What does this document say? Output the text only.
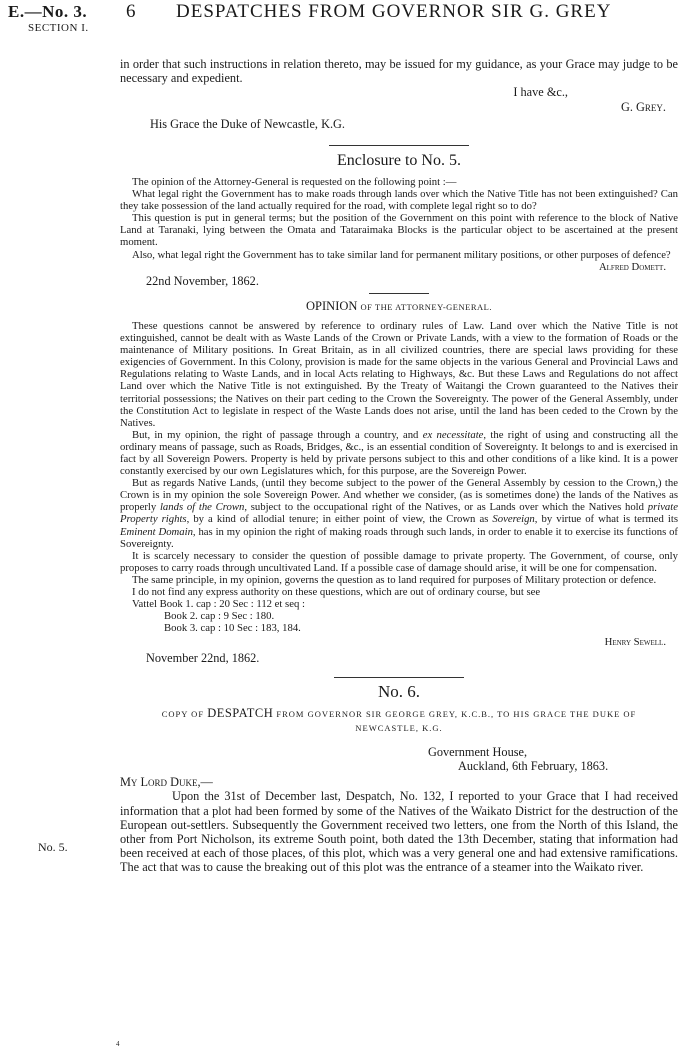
E.—No. 3.
SECTION I.
6 DESPATCHES FROM GOVERNOR SIR G. GREY
No. 5.

in order that such instructions in relation thereto, may be issued for my guidance, as your Grace may judge to be necessary and expedient.

I have &c.,

G. Grey.

His Grace the Duke of Newcastle, K.G.

Enclosure to No. 5.

The opinion of the Attorney-General is requested on the following point :—

What legal right the Government has to make roads through lands over which the Native Title has not been extinguished? Can they take possession of the land actually required for the road, with complete legal right so to do?

This question is put in general terms; but the position of the Government on this point with reference to the block of Native Land at Taranaki, lying between the Omata and Tataraimaka Blocks is the particular object to be ascertained at the present moment.

Also, what legal right the Government has to take similar land for permanent military positions, or other purposes of defence?

Alfred Domett.

22nd November, 1862.

OPINION OF THE ATTORNEY-GENERAL.

These questions cannot be answered by reference to ordinary rules of Law. Land over which the Native Title is not extinguished, cannot be dealt with as Waste Lands of the Crown or Private Lands, with a view to the formation of Roads or the maintenance of Military positions. In Great Britain, as in all civilized countries, there are special laws providing for these exigencies of Government. In this Colony, provision is made for the same objects in the various General and Provincial Laws and Regulations relating to Waste Lands, and in local Acts relating to Highways, &c. But these Laws and Regulations do not affect Land over which the Native Title is not extinguished. By the Treaty of Waitangi the Crown guaranteed to the Natives their territorial possessions; the Natives on their part ceding to the Crown the Sovereignty. The power of the General Assembly, under the Constitution Act to legislate in respect of the Waste Lands does not arise, until the land has been ceded to the Crown by the Natives.

But, in my opinion, the right of passage through a country, and ex necessitate, the right of using and constructing all the ordinary means of passage, such as Roads, Bridges, &c., is an essential condition of Sovereignty. It belongs to and is exercised in fact by all Sovereign Powers. Property is held by private persons subject to this and other conditions of a like kind. It is a power constantly exercised by our own Legislatures which, for this purpose, are the Sovereign Power.

But as regards Native Lands, (until they become subject to the power of the General Assembly by cession to the Crown,) the Crown is in my opinion the sole Sovereign Power. And whether we consider, (as is sometimes done) the lands of the Natives as properly lands of the Crown, subject to the occupational right of the Natives, or as Lands over which the Natives hold private Property rights, by a kind of allodial tenure; in either point of view, the Crown as Sovereign, by virtue of what is termed its Eminent Domain, has in my opinion the right of making roads through such lands, in order to enable it to exercise its functions of Sovereignty.

It is scarcely necessary to consider the question of possible damage to private property. The Government, of course, only proposes to carry roads through uncultivated Land. If a possible case of damage should arise, it will be one for compensation.

The same principle, in my opinion, governs the question as to land required for purposes of Military protection or defence.

I do not find any express authority on these questions, which are out of ordinary course, but see

Vattel Book 1. cap : 20 Sec : 112 et seq :
Book 2. cap : 9 Sec : 180.
Book 3. cap : 10 Sec : 183, 184.

Henry Sewell.

November 22nd, 1862.

No. 6.
COPY OF DESPATCH FROM GOVERNOR SIR GEORGE GREY, K.C.B., TO HIS GRACE THE DUKE OF
NEWCASTLE, K.G.

Government House,

Auckland, 6th February, 1863.

My Lord Duke,—

Upon the 31st of December last, Despatch, No. 132, I reported to your Grace that I had received information that a plot had been formed by some of the Natives of the Waikato District for the destruction of the European out-settlers. Subsequently the Government received two letters, one from the North of this Island, the other from Port Nicholson, its extreme South point, both dated the 13th December, stating that information had been received at each of those places, of this plot, which was a very general one and had extensive ramifications. The act that was to cause the breaking out of this plot was the entrance of a steamer into the Waikato river.

4
